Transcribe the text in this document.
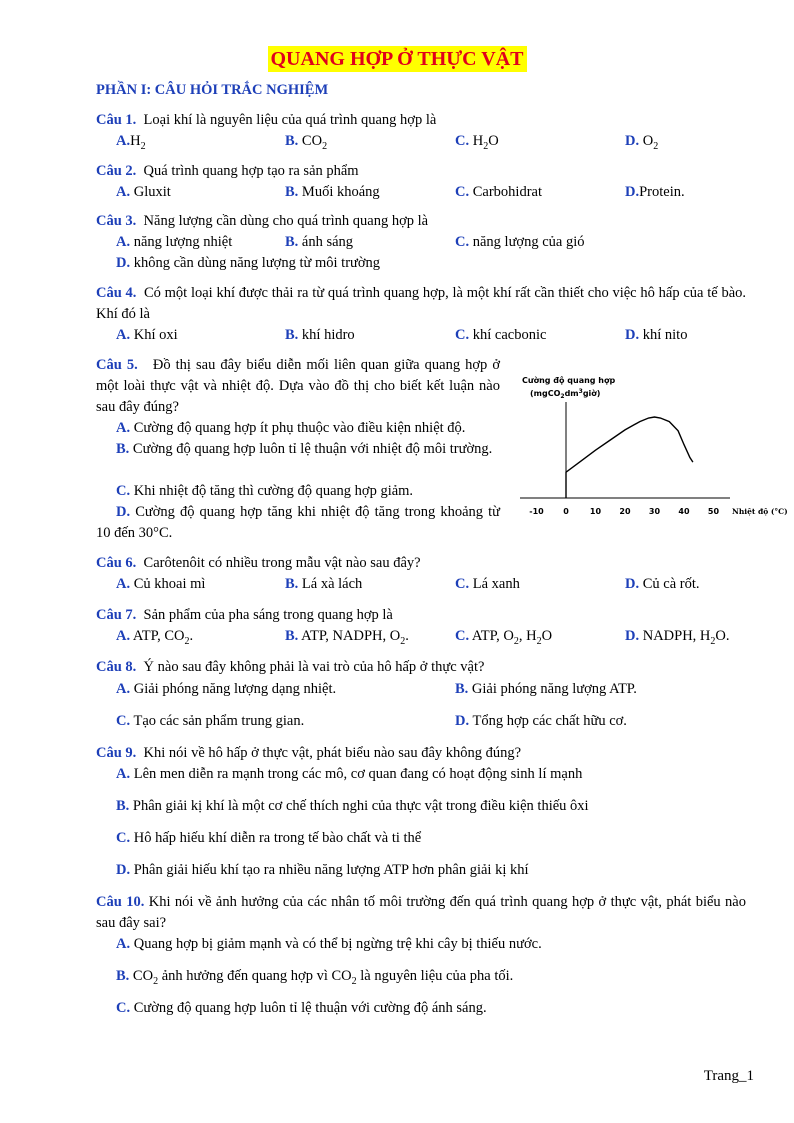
QUANG HỢP Ở THỰC VẬT
PHẦN I: CÂU HỎI TRẮC NGHIỆM
Câu 1. Loại khí là nguyên liệu của quá trình quang hợp là
$A.H_2$	B. $CO_2$	C. $H_2O$	D. $O_2$
Câu 2. Quá trình quang hợp tạo ra sản phẩm
A. Gluxit	B. Muối khoáng	C. Carbohidrat	D.Protein.
Câu 3. Năng lượng cần dùng cho quá trình quang hợp là
A. năng lượng nhiệt	B. ánh sáng	C. năng lượng của gió
D. không cần dùng năng lượng từ môi trường
Câu 4. Có một loại khí được thải ra từ quá trình quang hợp, là một khí rất cần thiết cho việc hô hấp của tế bào. Khí đó là
A. Khí oxi	B. khí hidro	C. khí cacbonic	D. khí nito
Câu 5. Đồ thị sau đây biểu diễn mối liên quan giữa quang hợp ở một loài thực vật và nhiệt độ. Dựa vào đồ thị cho biết kết luận nào sau đây đúng?
A. Cường độ quang hợp ít phụ thuộc vào điều kiện nhiệt độ.
B. Cường độ quang hợp luôn tỉ lệ thuận với nhiệt độ môi trường.
C. Khi nhiệt độ tăng thì cường độ quang hợp giảm.
D. Cường độ quang hợp tăng khi nhiệt độ tăng trong khoảng từ 10 đến 30°C.
Cường độ quang hợp
$(mgCO_2dm^3giờ)$
-10 0	10 20 30 40 50 Nhiệt độ (°C)
Câu 6. Carôtenôit có nhiều trong mẫu vật nào sau đây?
A. Củ khoai mì	B. Lá xà lách	C. Lá xanh	D. Củ cà rốt.
Câu 7. Sản phẩm của pha sáng trong quang hợp là
A. ATP, $CO_2$.	B. ATP, NADPH, $O_2$.	C. ATP, $O_2$, $H_2O$	D. NADPH, $H_2O$.
Câu 8. Ý nào sau đây không phải là vai trò của hô hấp ở thực vật?
A. Giải phóng năng lượng dạng nhiệt.	B. Giải phóng năng lượng ATP.
C. Tạo các sản phẩm trung gian.	D. Tổng hợp các chất hữu cơ.
Câu 9. Khi nói về hô hấp ở thực vật, phát biểu nào sau đây không đúng?
A. Lên men diễn ra mạnh trong các mô, cơ quan đang có hoạt động sinh lí mạnh
B. Phân giải kị khí là một cơ chế thích nghi của thực vật trong điều kiện thiếu ôxi
C. Hô hấp hiếu khí diễn ra trong tế bào chất và ti thể
D. Phân giải hiếu khí tạo ra nhiều năng lượng ATP hơn phân giải kị khí
Câu 10. Khi nói về ảnh hưởng của các nhân tố môi trường đến quá trình quang hợp ở thực vật, phát biểu nào sau đây sai?
A. Quang hợp bị giảm mạnh và có thể bị ngừng trệ khi cây bị thiếu nước.
B. $CO_2$ ảnh hưởng đến quang hợp vì $CO_2$ là nguyên liệu của pha tối.
C. Cường độ quang hợp luôn tỉ lệ thuận với cường độ ánh sáng.
Trang_1
